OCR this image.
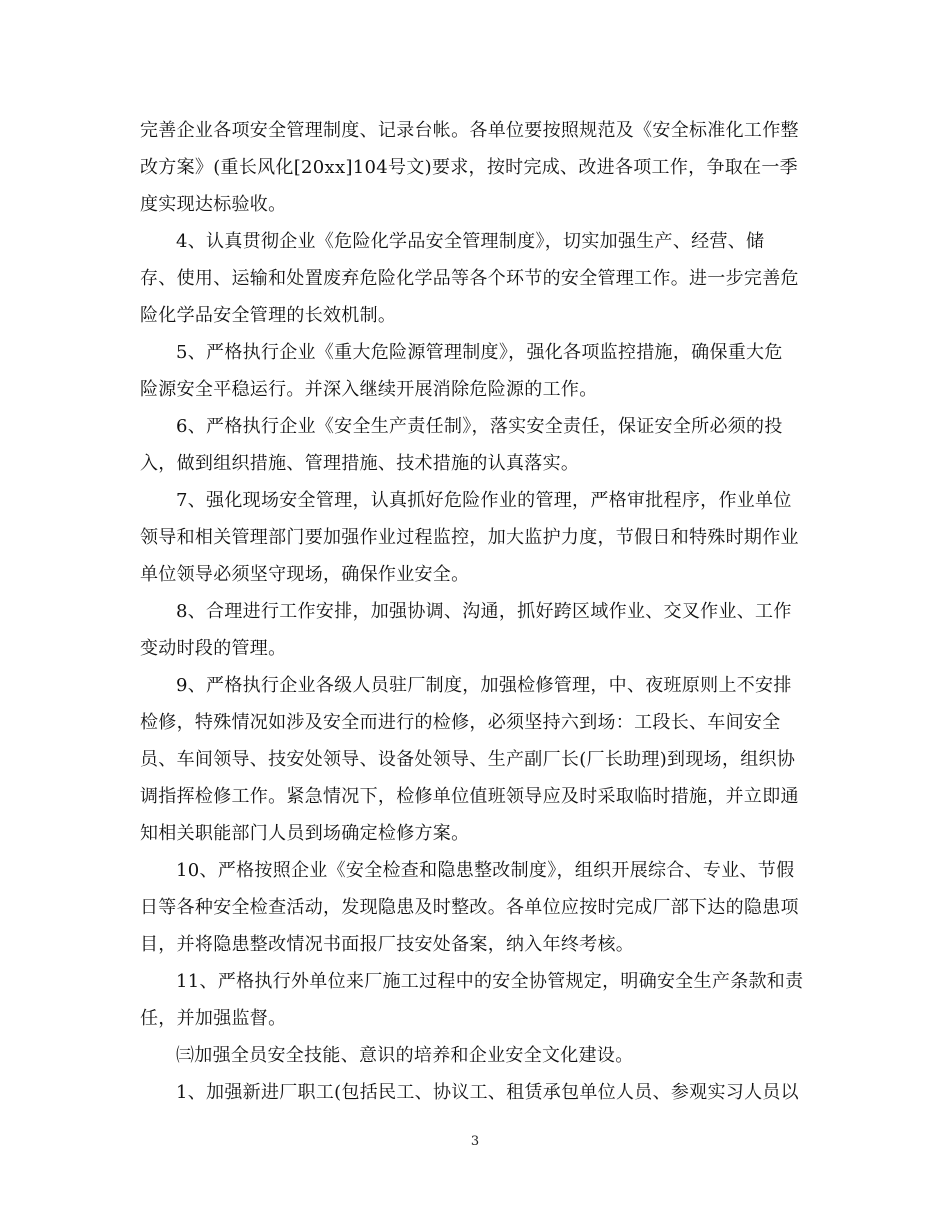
完善企业各项安全管理制度、记录台帐。各单位要按照规范及《安全标准化工作整
改方案》(重长风化[20xx]104号文)要求，按时完成、改进各项工作，争取在一季
度实现达标验收。
4、认真贯彻企业《危险化学品安全管理制度》，切实加强生产、经营、储
存、使用、运输和处置废弃危险化学品等各个环节的安全管理工作。进一步完善危
险化学品安全管理的长效机制。
5、严格执行企业《重大危险源管理制度》，强化各项监控措施，确保重大危
险源安全平稳运行。并深入继续开展消除危险源的工作。
6、严格执行企业《安全生产责任制》，落实安全责任，保证安全所必须的投
入，做到组织措施、管理措施、技术措施的认真落实。
7、强化现场安全管理，认真抓好危险作业的管理，严格审批程序，作业单位
领导和相关管理部门要加强作业过程监控，加大监护力度，节假日和特殊时期作业
单位领导必须坚守现场，确保作业安全。
8、合理进行工作安排，加强协调、沟通，抓好跨区域作业、交叉作业、工作
变动时段的管理。
9、严格执行企业各级人员驻厂制度，加强检修管理，中、夜班原则上不安排
检修，特殊情况如涉及安全而进行的检修，必须坚持六到场：工段长、车间安全
员、车间领导、技安处领导、设备处领导、生产副厂长(厂长助理)到现场，组织协
调指挥检修工作。紧急情况下，检修单位值班领导应及时采取临时措施，并立即通
知相关职能部门人员到场确定检修方案。
10、严格按照企业《安全检查和隐患整改制度》，组织开展综合、专业、节假
日等各种安全检查活动，发现隐患及时整改。各单位应按时完成厂部下达的隐患项
目，并将隐患整改情况书面报厂技安处备案，纳入年终考核。
11、严格执行外单位来厂施工过程中的安全协管规定，明确安全生产条款和责
任，并加强监督。
㈢加强全员安全技能、意识的培养和企业安全文化建设。
1、加强新进厂职工(包括民工、协议工、租赁承包单位人员、参观实习人员以
3
